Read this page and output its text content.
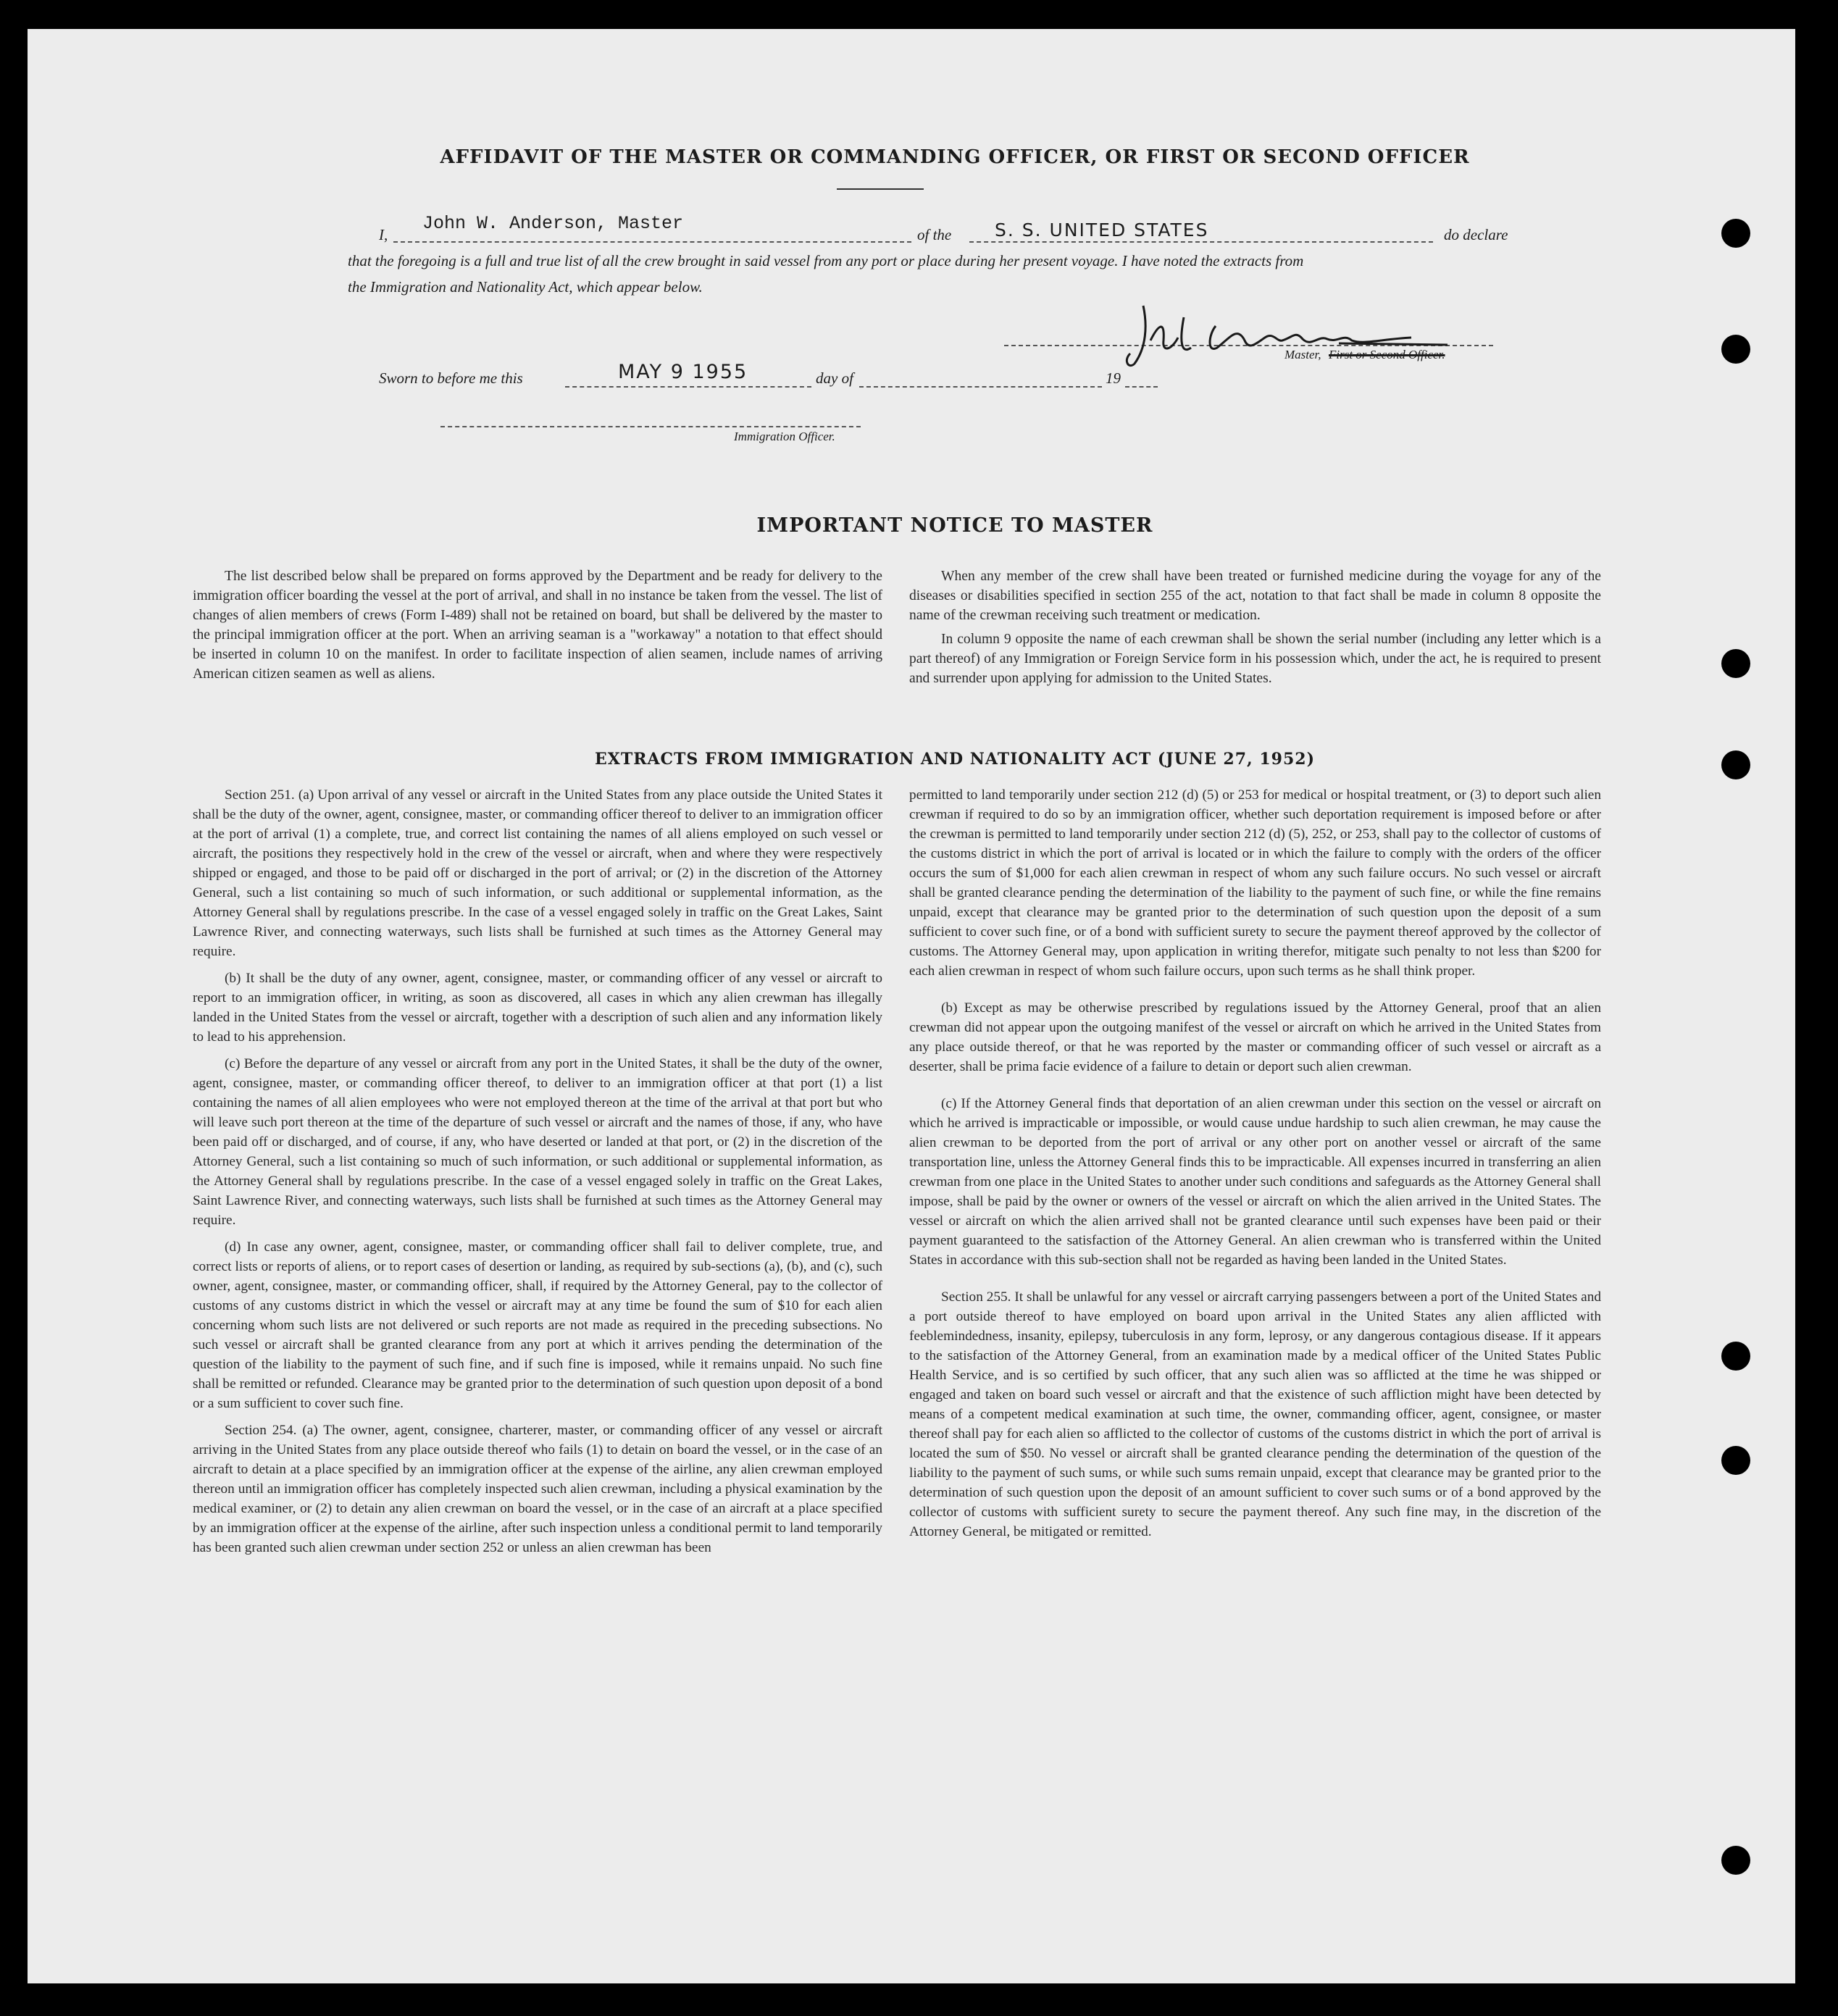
AFFIDAVIT OF THE MASTER OR COMMANDING OFFICER, OR FIRST OR SECOND OFFICER
I,
John W. Anderson, Master
of the S. S. UNITED STATES	do declare
that the foregoing is a full and true list of all the crew brought in said vessel from any port or place during her present voyage. I have noted the extracts from
the Immigration and Nationality Act, which appear below.
Master, First or Second Officer.
Sworn to before me this	MAY 9 1955	day of	19
Immigration Officer.
IMPORTANT NOTICE TO MASTER

The list described below shall be prepared on forms approved by the Department and be ready for delivery to the immigration officer boarding the vessel at the port of arrival, and shall in no instance be taken from the vessel. The list of changes of alien members of crews (Form I-489) shall not be retained on board, but shall be delivered by the master to the principal immigration officer at the port. When an arriving seaman is a "workaway" a notation to that effect should be inserted in column 10 on the manifest. In order to facilitate inspection of alien seamen, include names of arriving American citizen seamen as well as aliens.

When any member of the crew shall have been treated or furnished medicine during the voyage for any of the diseases or disabilities specified in section 255 of the act, notation to that fact shall be made in column 8 opposite the name of the crewman receiving such treatment or medication.

In column 9 opposite the name of each crewman shall be shown the serial number (including any letter which is a part thereof) of any Immigration or Foreign Service form in his possession which, under the act, he is required to present and surrender upon applying for admission to the United States.

EXTRACTS FROM IMMIGRATION AND NATIONALITY ACT (JUNE 27, 1952)

Section 251. (a) Upon arrival of any vessel or aircraft in the United States from any place outside the United States it shall be the duty of the owner, agent, consignee, master, or commanding officer thereof to deliver to an immigration officer at the port of arrival (1) a complete, true, and correct list containing the names of all aliens employed on such vessel or aircraft, the positions they respectively hold in the crew of the vessel or aircraft, when and where they were respectively shipped or engaged, and those to be paid off or discharged in the port of arrival; or (2) in the discretion of the Attorney General, such a list containing so much of such information, or such additional or supplemental information, as the Attorney General shall by regulations prescribe. In the case of a vessel engaged solely in traffic on the Great Lakes, Saint Lawrence River, and connecting waterways, such lists shall be furnished at such times as the Attorney General may require.

(b) It shall be the duty of any owner, agent, consignee, master, or commanding officer of any vessel or aircraft to report to an immigration officer, in writing, as soon as discovered, all cases in which any alien crewman has illegally landed in the United States from the vessel or aircraft, together with a description of such alien and any information likely to lead to his apprehension.

(c) Before the departure of any vessel or aircraft from any port in the United States, it shall be the duty of the owner, agent, consignee, master, or commanding officer thereof, to deliver to an immigration officer at that port (1) a list containing the names of all alien employees who were not employed thereon at the time of the arrival at that port but who will leave such port thereon at the time of the departure of such vessel or aircraft and the names of those, if any, who have been paid off or discharged, and of course, if any, who have deserted or landed at that port, or (2) in the discretion of the Attorney General, such a list containing so much of such information, or such additional or supplemental information, as the Attorney General shall by regulations prescribe. In the case of a vessel engaged solely in traffic on the Great Lakes, Saint Lawrence River, and connecting waterways, such lists shall be furnished at such times as the Attorney General may require.

(d) In case any owner, agent, consignee, master, or commanding officer shall fail to deliver complete, true, and correct lists or reports of aliens, or to report cases of desertion or landing, as required by sub-sections (a), (b), and (c), such owner, agent, consignee, master, or commanding officer, shall, if required by the Attorney General, pay to the collector of customs of any customs district in which the vessel or aircraft may at any time be found the sum of $10 for each alien concerning whom such lists are not delivered or such reports are not made as required in the preceding subsections. No such vessel or aircraft shall be granted clearance from any port at which it arrives pending the determination of the question of the liability to the payment of such fine, and if such fine is imposed, while it remains unpaid. No such fine shall be remitted or refunded. Clearance may be granted prior to the determination of such question upon deposit of a bond or a sum sufficient to cover such fine.

Section 254. (a) The owner, agent, consignee, charterer, master, or commanding officer of any vessel or aircraft arriving in the United States from any place outside thereof who fails (1) to detain on board the vessel, or in the case of an aircraft to detain at a place specified by an immigration officer at the expense of the airline, any alien crewman employed thereon until an immigration officer has completely inspected such alien crewman, including a physical examination by the medical examiner, or (2) to detain any alien crewman on board the vessel, or in the case of an aircraft at a place specified by an immigration officer at the expense of the airline, after such inspection unless a conditional permit to land temporarily has been granted such alien crewman under section 252 or unless an alien crewman has been

permitted to land temporarily under section 212 (d) (5) or 253 for medical or hospital treatment, or (3) to deport such alien crewman if required to do so by an immigration officer, whether such deportation requirement is imposed before or after the crewman is permitted to land temporarily under section 212 (d) (5), 252, or 253, shall pay to the collector of customs of the customs district in which the port of arrival is located or in which the failure to comply with the orders of the officer occurs the sum of $1,000 for each alien crewman in respect of whom any such failure occurs. No such vessel or aircraft shall be granted clearance pending the determination of the liability to the payment of such fine, or while the fine remains unpaid, except that clearance may be granted prior to the determination of such question upon the deposit of a sum sufficient to cover such fine, or of a bond with sufficient surety to secure the payment thereof approved by the collector of customs. The Attorney General may, upon application in writing therefor, mitigate such penalty to not less than $200 for each alien crewman in respect of whom such failure occurs, upon such terms as he shall think proper.

(b) Except as may be otherwise prescribed by regulations issued by the Attorney General, proof that an alien crewman did not appear upon the outgoing manifest of the vessel or aircraft on which he arrived in the United States from any place outside thereof, or that he was reported by the master or commanding officer of such vessel or aircraft as a deserter, shall be prima facie evidence of a failure to detain or deport such alien crewman.

(c) If the Attorney General finds that deportation of an alien crewman under this section on the vessel or aircraft on which he arrived is impracticable or impossible, or would cause undue hardship to such alien crewman, he may cause the alien crewman to be deported from the port of arrival or any other port on another vessel or aircraft of the same transportation line, unless the Attorney General finds this to be impracticable. All expenses incurred in transferring an alien crewman from one place in the United States to another under such conditions and safeguards as the Attorney General shall impose, shall be paid by the owner or owners of the vessel or aircraft on which the alien arrived in the United States. The vessel or aircraft on which the alien arrived shall not be granted clearance until such expenses have been paid or their payment guaranteed to the satisfaction of the Attorney General. An alien crewman who is transferred within the United States in accordance with this sub-section shall not be regarded as having been landed in the United States.

Section 255. It shall be unlawful for any vessel or aircraft carrying passengers between a port of the United States and a port outside thereof to have employed on board upon arrival in the United States any alien afflicted with feeblemindedness, insanity, epilepsy, tuberculosis in any form, leprosy, or any dangerous contagious disease. If it appears to the satisfaction of the Attorney General, from an examination made by a medical officer of the United States Public Health Service, and is so certified by such officer, that any such alien was so afflicted at the time he was shipped or engaged and taken on board such vessel or aircraft and that the existence of such affliction might have been detected by means of a competent medical examination at such time, the owner, commanding officer, agent, consignee, or master thereof shall pay for each alien so afflicted to the collector of customs of the customs district in which the port of arrival is located the sum of $50. No vessel or aircraft shall be granted clearance pending the determination of the question of the liability to the payment of such sums, or while such sums remain unpaid, except that clearance may be granted prior to the determination of such question upon the deposit of an amount sufficient to cover such sums or of a bond approved by the collector of customs with sufficient surety to secure the payment thereof. Any such fine may, in the discretion of the Attorney General, be mitigated or remitted.
